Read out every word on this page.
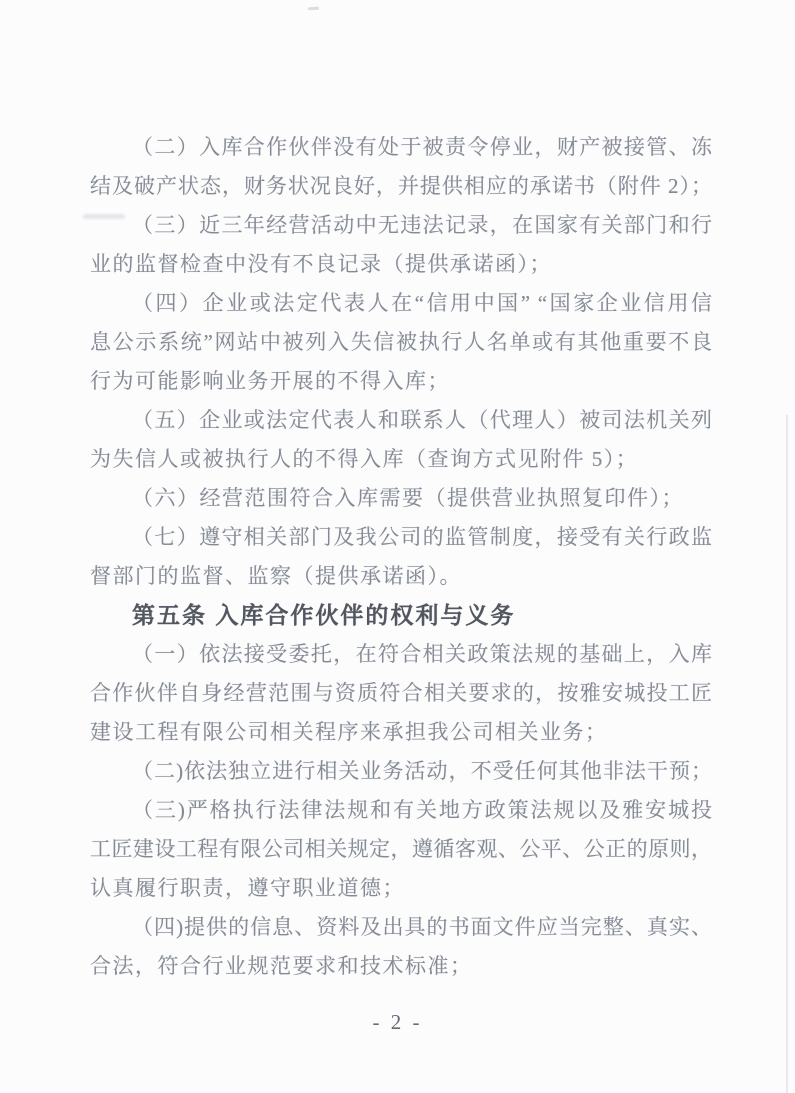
（二）入库合作伙伴没有处于被责令停业，财产被接管、冻
结及破产状态，财务状况良好，并提供相应的承诺书（附件 2）；
（三）近三年经营活动中无违法记录，在国家有关部门和行
业的监督检查中没有不良记录（提供承诺函）；
（四）企业或法定代表人在“信用中国” “国家企业信用信
息公示系统”网站中被列入失信被执行人名单或有其他重要不良
行为可能影响业务开展的不得入库；
（五）企业或法定代表人和联系人（代理人）被司法机关列
为失信人或被执行人的不得入库（查询方式见附件 5）；
（六）经营范围符合入库需要（提供营业执照复印件）；
（七）遵守相关部门及我公司的监管制度，接受有关行政监
督部门的监督、监察（提供承诺函）。
第五条 入库合作伙伴的权利与义务
（一）依法接受委托，在符合相关政策法规的基础上，入库
合作伙伴自身经营范围与资质符合相关要求的，按雅安城投工匠
建设工程有限公司相关程序来承担我公司相关业务；
（二)依法独立进行相关业务活动，不受任何其他非法干预；
（三)严格执行法律法规和有关地方政策法规以及雅安城投
工匠建设工程有限公司相关规定，遵循客观、公平、公正的原则，
认真履行职责，遵守职业道德；
（四)提供的信息、资料及出具的书面文件应当完整、真实、
合法，符合行业规范要求和技术标准；
- 2 -
